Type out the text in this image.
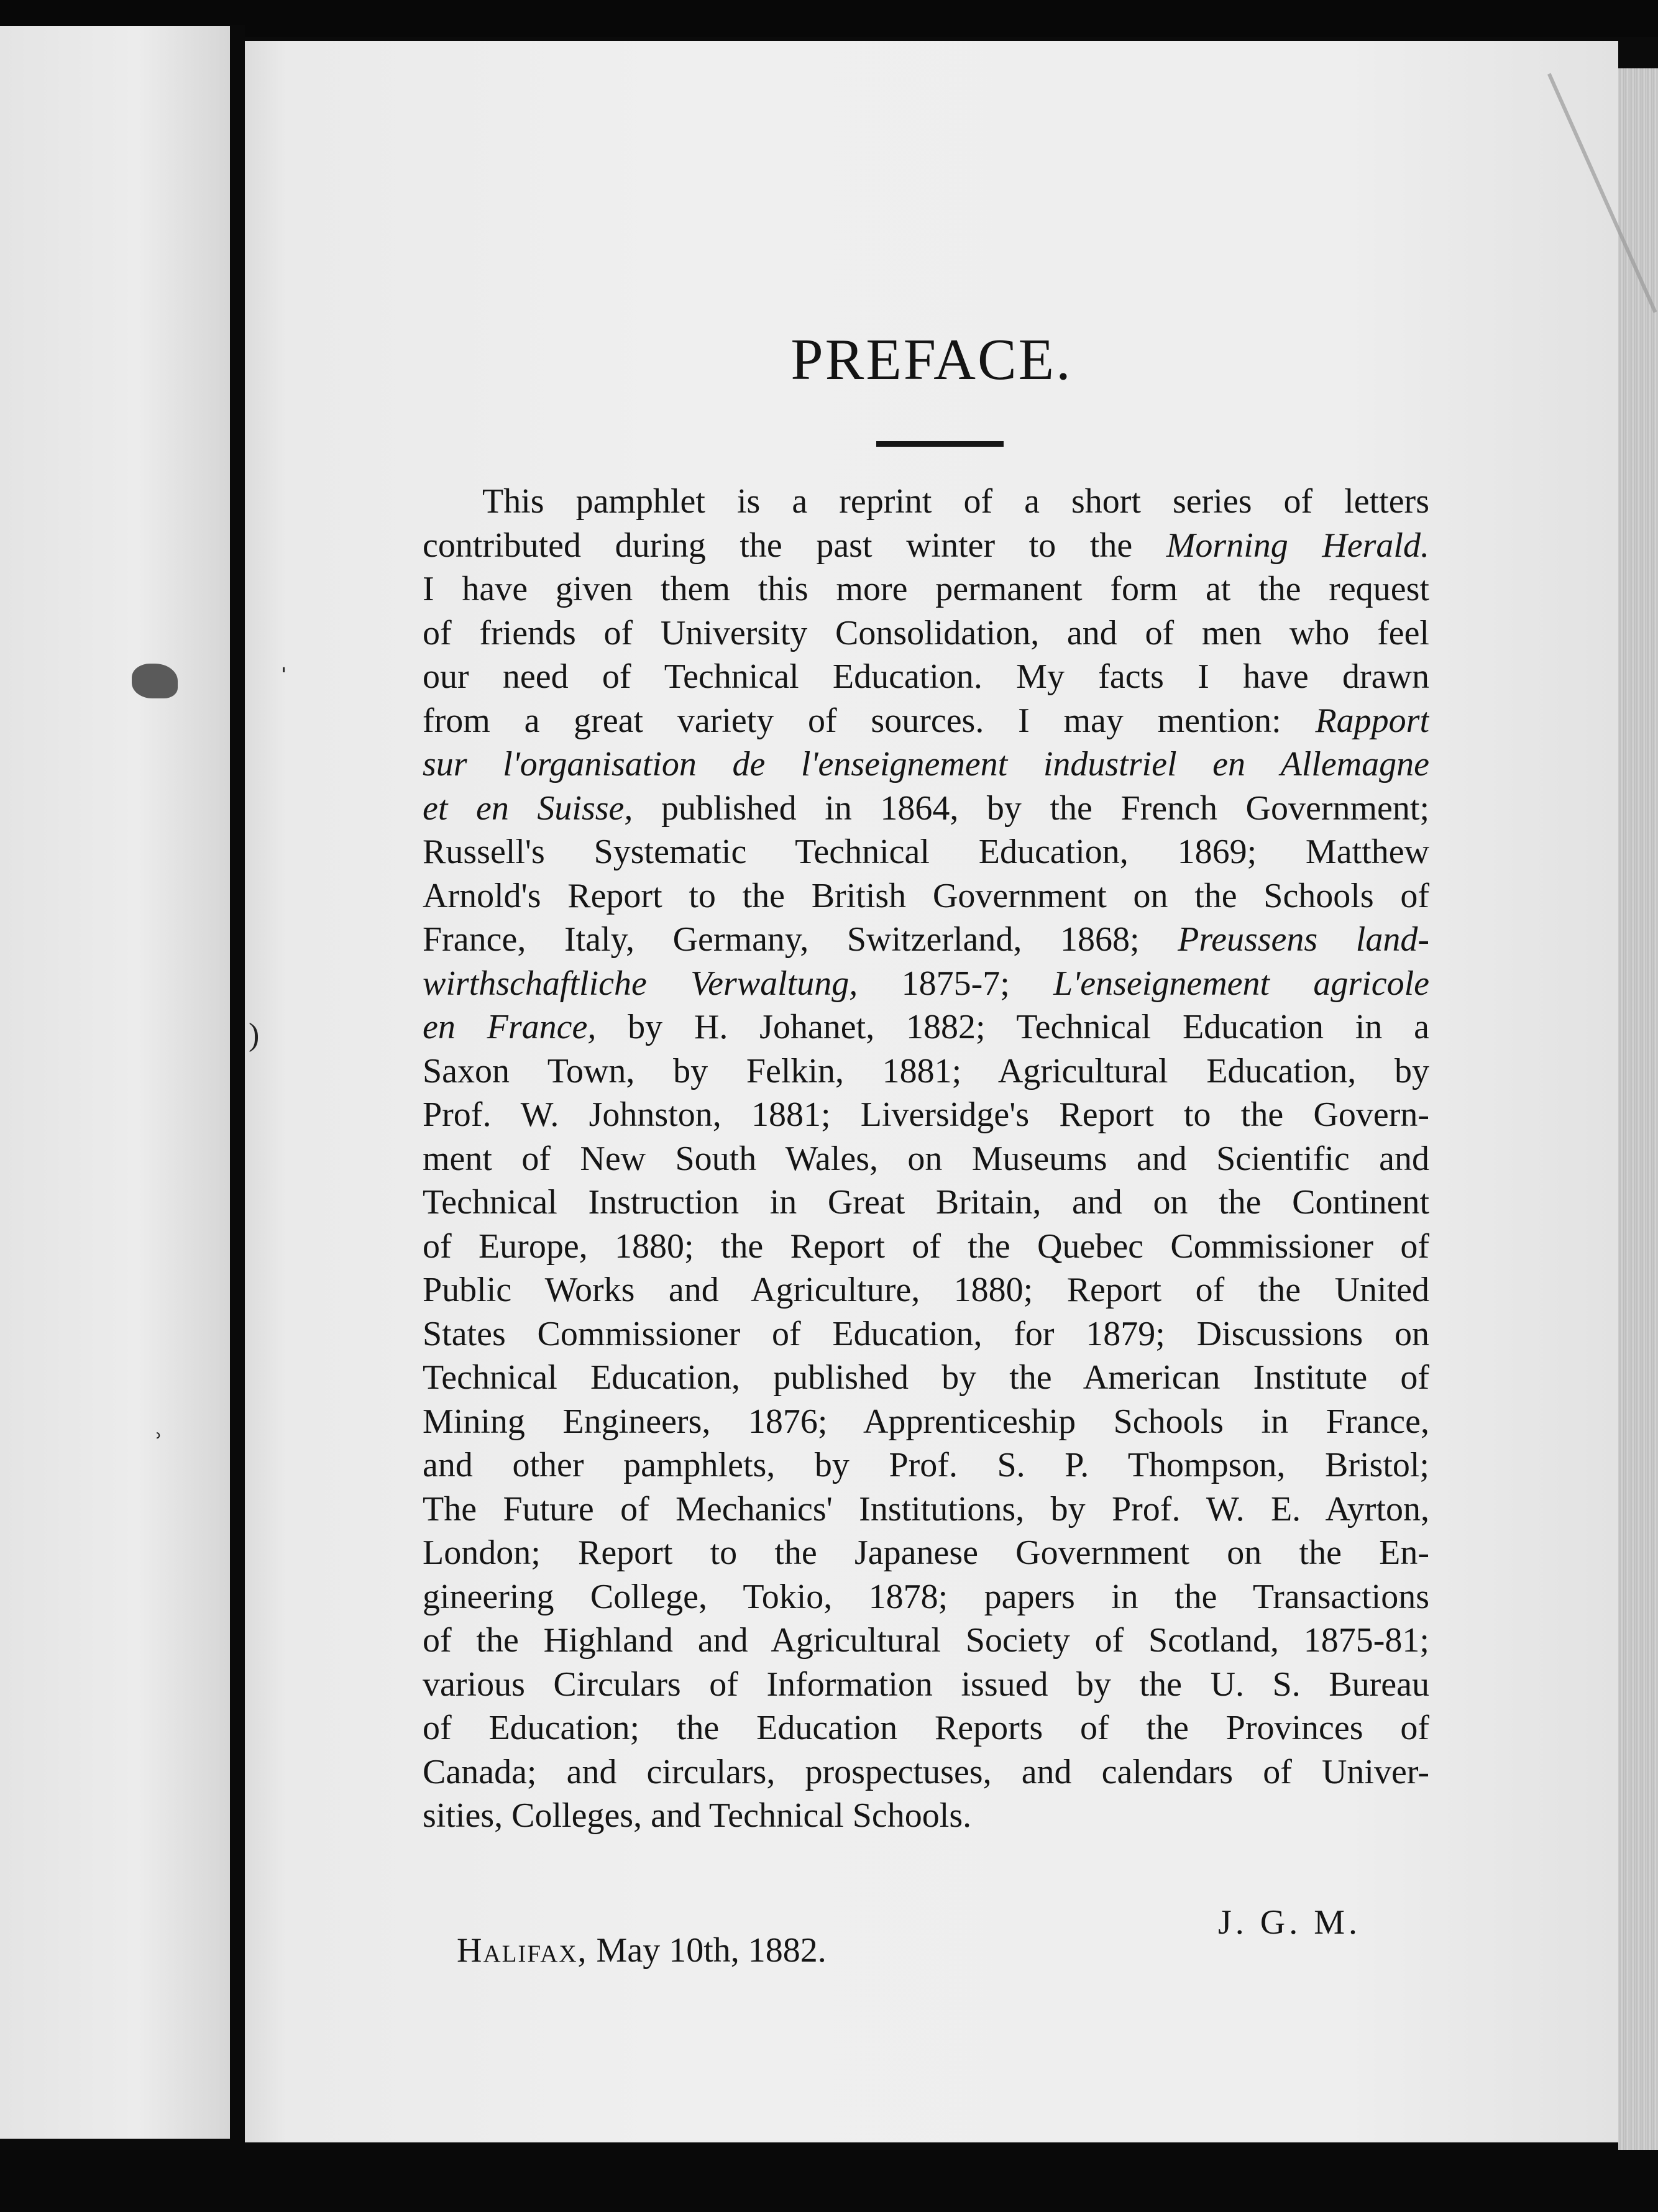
ˈ
)
˒
PREFACE.
This pamphlet is a reprint of a short series of letters
contributed during the past winter to the Morning Herald.
I have given them this more permanent form at the request
of friends of University Consolidation, and of men who feel
our need of Technical Education. My facts I have drawn
from a great variety of sources. I may mention: Rapport
sur l'organisation de l'enseignement industriel en Allemagne
et en Suisse, published in 1864, by the French Government;
Russell's Systematic Technical Education, 1869; Matthew
Arnold's Report to the British Government on the Schools of
France, Italy, Germany, Switzerland, 1868; Preussens land-
wirthschaftliche Verwaltung, 1875-7; L'enseignement agricole
en France, by H. Johanet, 1882; Technical Education in a
Saxon Town, by Felkin, 1881; Agricultural Education, by
Prof. W. Johnston, 1881; Liversidge's Report to the Govern-
ment of New South Wales, on Museums and Scientific and
Technical Instruction in Great Britain, and on the Continent
of Europe, 1880; the Report of the Quebec Commissioner of
Public Works and Agriculture, 1880; Report of the United
States Commissioner of Education, for 1879; Discussions on
Technical Education, published by the American Institute of
Mining Engineers, 1876; Apprenticeship Schools in France,
and other pamphlets, by Prof. S. P. Thompson, Bristol;
The Future of Mechanics' Institutions, by Prof. W. E. Ayrton,
London; Report to the Japanese Government on the En-
gineering College, Tokio, 1878; papers in the Transactions
of the Highland and Agricultural Society of Scotland, 1875-81;
various Circulars of Information issued by the U. S. Bureau
of Education; the Education Reports of the Provinces of
Canada; and circulars, prospectuses, and calendars of Univer-
sities, Colleges, and Technical Schools.
J. G. M.
Halifax, May 10th, 1882.
